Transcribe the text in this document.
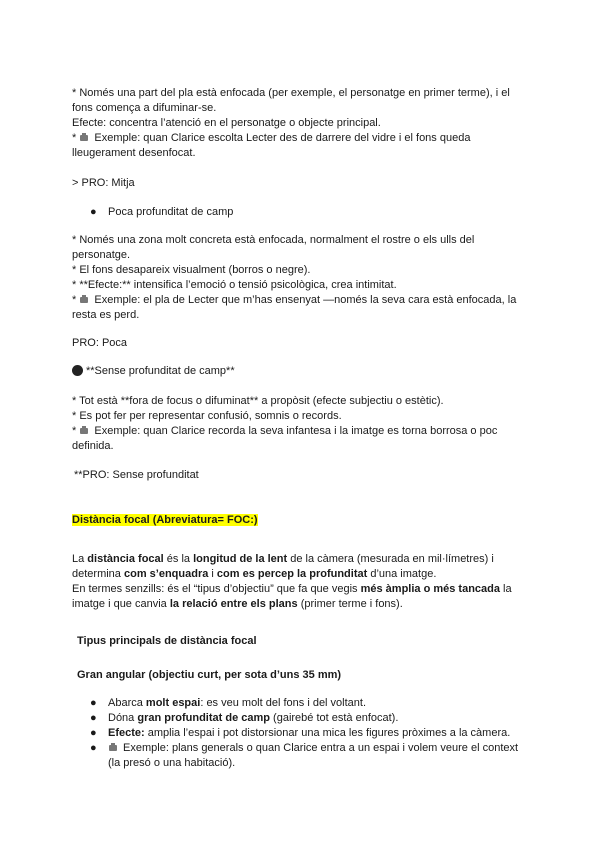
* Només una part del pla està enfocada (per exemple, el personatge en primer terme), i el
fons comença a difuminar-se.
Efecte: concentra l’atenció en el personatge o objecte principal.
*  Exemple: quan Clarice escolta Lecter des de darrere del vidre i el fons queda
lleugerament desenfocat.
> PRO: Mitja
● Poca profunditat de camp
* Només una zona molt concreta està enfocada, normalment el rostre o els ulls del
personatge.
* El fons desapareix visualment (borros o negre).
* **Efecte:** intensifica l’emoció o tensió psicològica, crea intimitat.
*  Exemple: el pla de Lecter que m’has ensenyat —només la seva cara està enfocada, la
resta es perd.
PRO: Poca
**Sense profunditat de camp**
* Tot està **fora de focus o difuminat** a propòsit (efecte subjectiu o estètic).
* Es pot fer per representar confusió, somnis o records.
*  Exemple: quan Clarice recorda la seva infantesa i la imatge es torna borrosa o poc
definida.
**PRO: Sense profunditat
Distància focal (Abreviatura= FOC:)
La distància focal és la longitud de la lent de la càmera (mesurada en mil·límetres) i
determina com s’enquadra i com es percep la profunditat d’una imatge.
En termes senzills: és el “tipus d’objectiu” que fa que vegis més àmplia o més tancada la
imatge i que canvia la relació entre els plans (primer terme i fons).
Tipus principals de distància focal
Gran angular (objectiu curt, per sota d’uns 35 mm)
● Abarca molt espai: es veu molt del fons i del voltant.
● Dóna gran profunditat de camp (gairebé tot està enfocat).
● Efecte: amplia l’espai i pot distorsionar una mica les figures pròximes a la càmera.
● Exemple: plans generals o quan Clarice entra a un espai i volem veure el context
(la presó o una habitació).
